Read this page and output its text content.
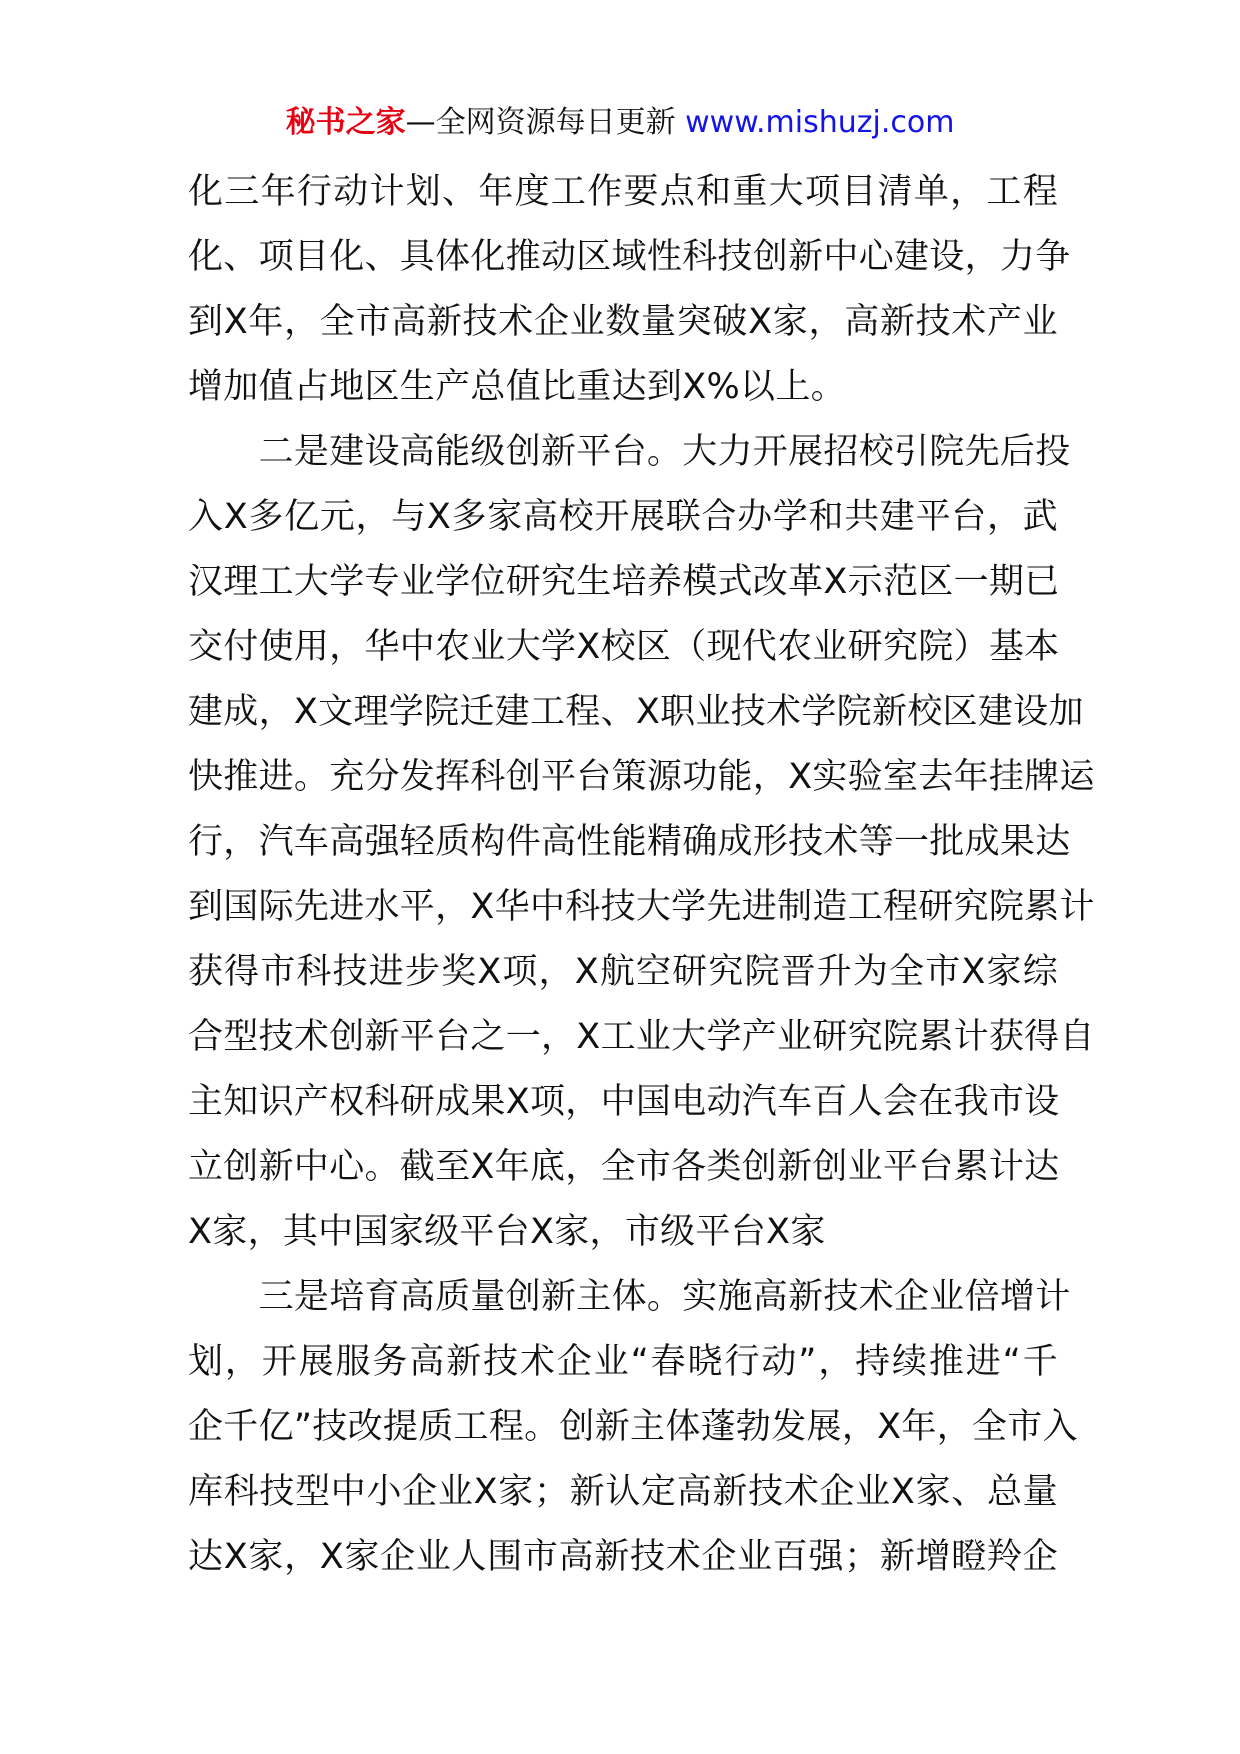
秘书之家—全网资源每日更新 www.mishuzj.com
化三年行动计划、年度工作要点和重大项目清单，工程
化、项目化、具体化推动区域性科技创新中心建设，力争
到X年，全市高新技术企业数量突破X家，高新技术产业
增加值占地区生产总值比重达到X%以上。
　　二是建设高能级创新平台。大力开展招校引院先后投
入X多亿元，与X多家高校开展联合办学和共建平台，武
汉理工大学专业学位研究生培养模式改革X示范区一期已
交付使用，华中农业大学X校区（现代农业研究院）基本
建成，X文理学院迁建工程、X职业技术学院新校区建设加
快推进。充分发挥科创平台策源功能，X实验室去年挂牌运
行，汽车高强轻质构件高性能精确成形技术等一批成果达
到国际先进水平，X华中科技大学先进制造工程研究院累计
获得市科技进步奖X项，X航空研究院晋升为全市X家综
合型技术创新平台之一，X工业大学产业研究院累计获得自
主知识产权科研成果X项，中国电动汽车百人会在我市设
立创新中心。截至X年底，全市各类创新创业平台累计达
X家，其中国家级平台X家，市级平台X家
　　三是培育高质量创新主体。实施高新技术企业倍增计
划，开展服务高新技术企业“春晓行动”，持续推进“千
企千亿”技改提质工程。创新主体蓬勃发展，X年，全市入
库科技型中小企业X家；新认定高新技术企业X家、总量
达X家，X家企业人围市高新技术企业百强；新增瞪羚企
